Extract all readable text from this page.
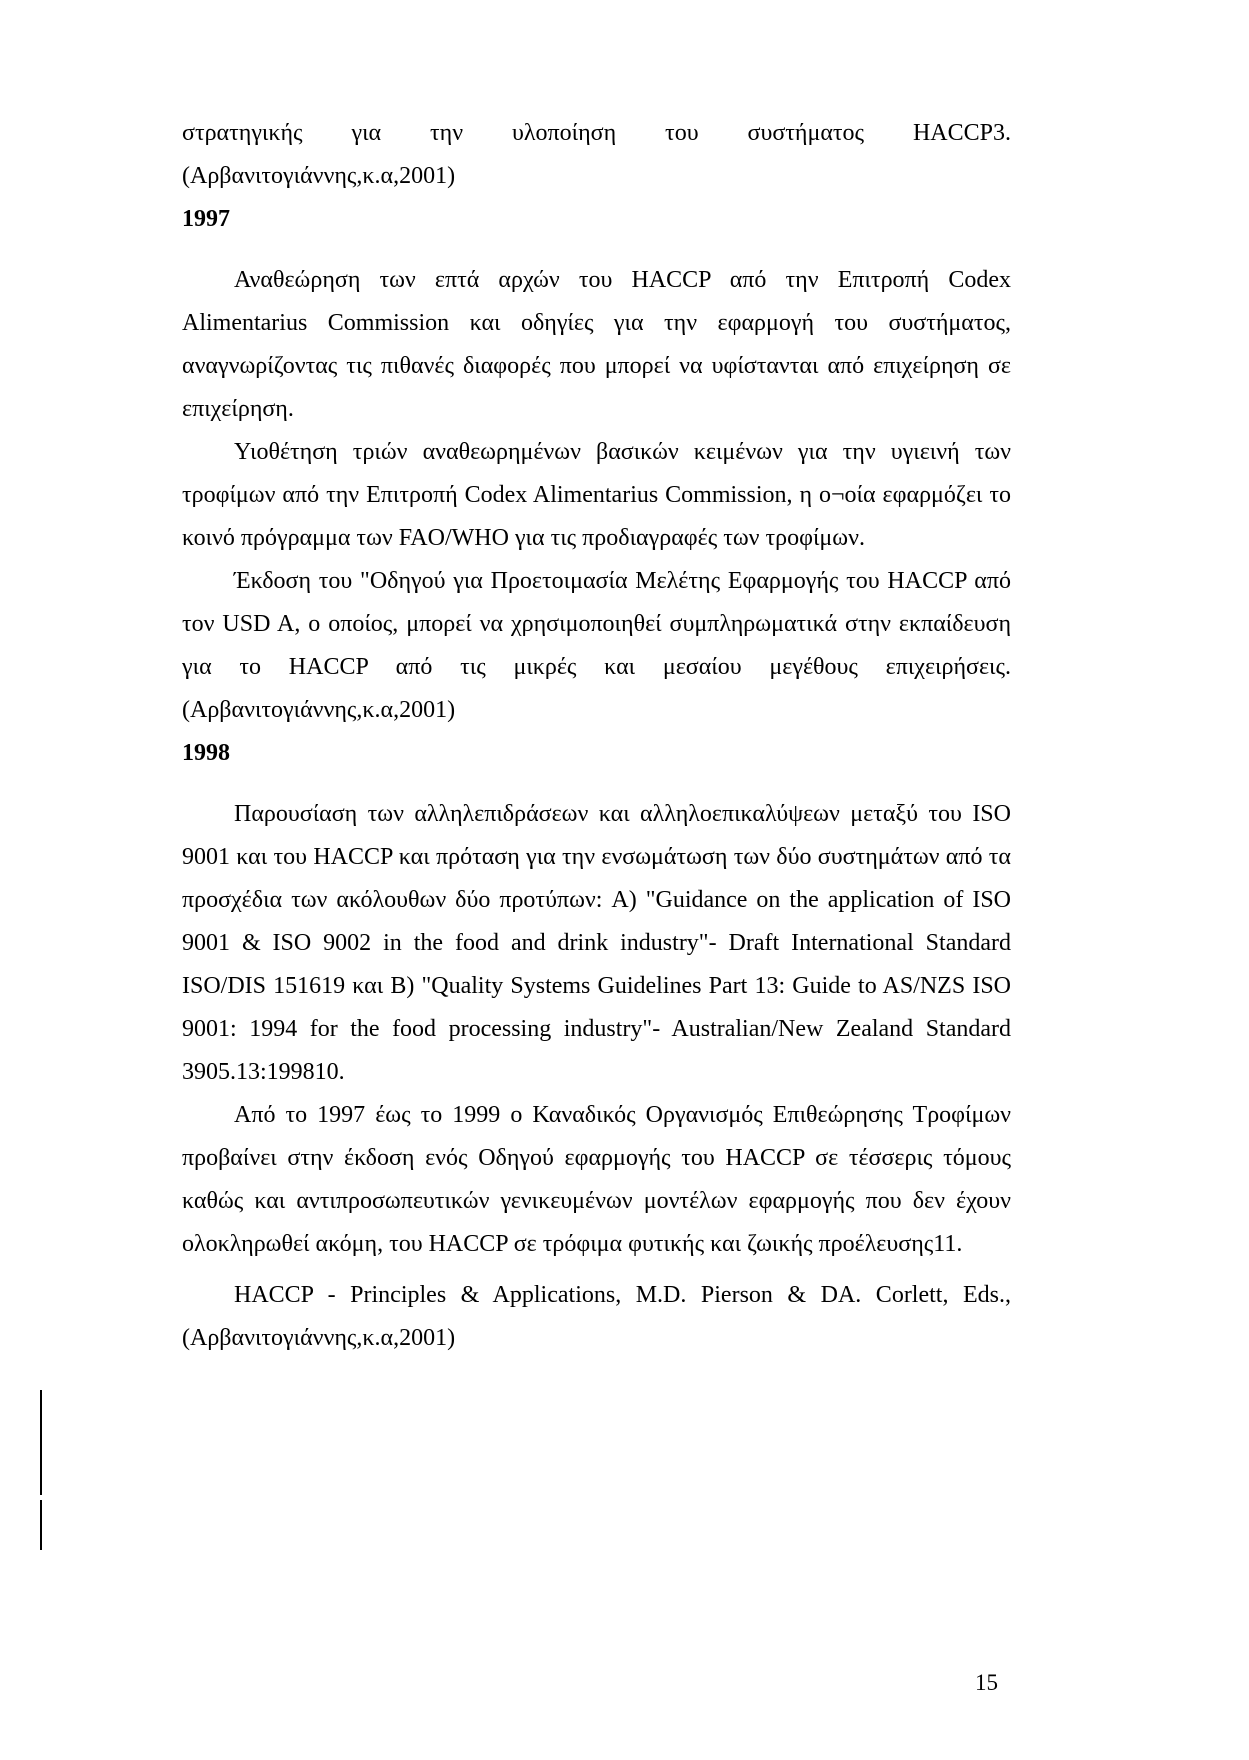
στρατηγικής για την υλοποίηση του συστήματος HACCP3. (Αρβανιτογιάννης,κ.α,2001)

1997

Αναθεώρηση των επτά αρχών του HACCP από την Επιτροπή Codex Alimentarius Commission και οδηγίες για την εφαρμογή του συστήματος, αναγνωρίζοντας τις πιθανές διαφορές που μπορεί να υφίστανται από επιχείρηση σε επιχείρηση.

Υιοθέτηση τριών αναθεωρημένων βασικών κειμένων για την υγιεινή των τροφίμων από την Επιτροπή Codex Alimentarius Commission, η ο¬οία εφαρμόζει το κοινό πρόγραμμα των FAO/WHO για τις προδιαγραφές των τροφίμων.

Έκδοση του "Οδηγού για Προετοιμασία Μελέτης Εφαρμογής του HACCP από τον USD A, ο οποίος, μπορεί να χρησιμοποιηθεί συμπληρωματικά στην εκπαίδευση για το HACCP από τις μικρές και μεσαίου μεγέθους επιχειρήσεις. (Αρβανιτογιάννης,κ.α,2001)

1998

Παρουσίαση των αλληλεπιδράσεων και αλληλοεπικαλύψεων μεταξύ του ISO 9001 και του HACCP και πρόταση για την ενσωμάτωση των δύο συστημάτων από τα προσχέδια των ακόλουθων δύο προτύπων: A) "Guidance on the application of ISO 9001 & ISO 9002 in the food and drink industry"- Draft International Standard ISO/DIS 151619 και B) "Quality Systems Guidelines Part 13: Guide to AS/NZS ISO 9001: 1994 for the food processing industry"- Australian/New Zealand Standard 3905.13:199810.

Από το 1997 έως το 1999 ο Καναδικός Οργανισμός Επιθεώρησης Τροφίμων προβαίνει στην έκδοση ενός Οδηγού εφαρμογής του HACCP σε τέσσερις τόμους καθώς και αντιπροσωπευτικών γενικευμένων μοντέλων εφαρμογής που δεν έχουν ολοκληρωθεί ακόμη, του HACCP σε τρόφιμα φυτικής και ζωικής προέλευσης11.

HACCP - Principles & Applications, M.D. Pierson & DA. Corlett, Eds., (Αρβανιτογιάννης,κ.α,2001)

15
